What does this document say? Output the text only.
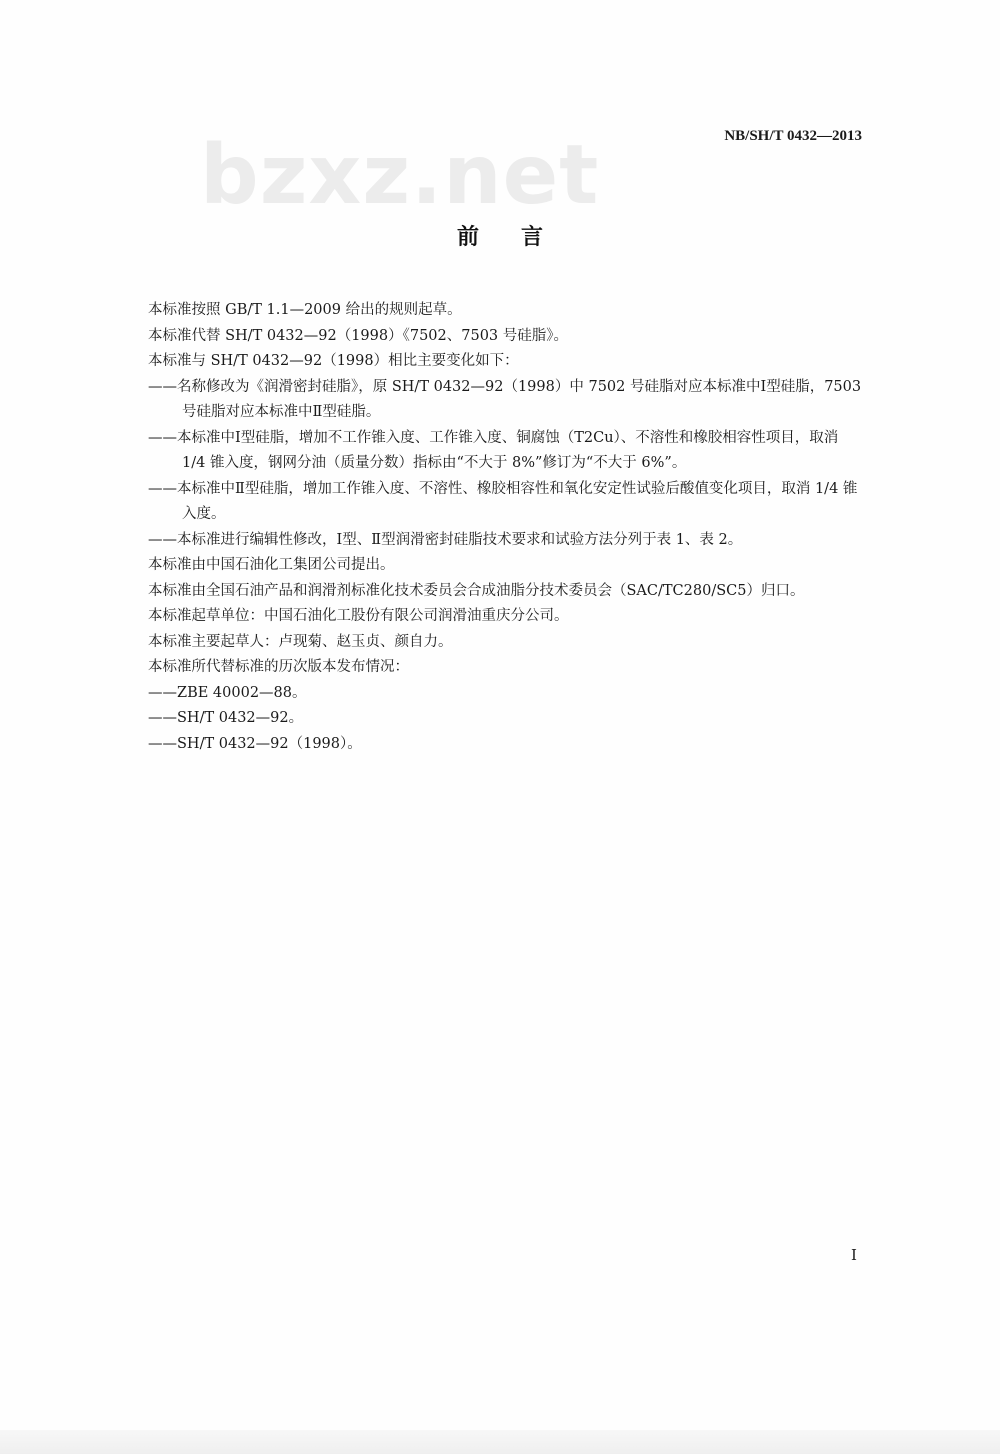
bzxz.net	NB/SH/T 0432—2013
前言

本标准按照 GB/T 1.1—2009 给出的规则起草。

本标准代替 SH/T 0432—92（1998）《7502、7503 号硅脂》。

本标准与 SH/T 0432—92（1998）相比主要变化如下：

——名称修改为《润滑密封硅脂》，原 SH/T 0432—92（1998）中 7502 号硅脂对应本标准中Ⅰ型硅脂，7503 号硅脂对应本标准中Ⅱ型硅脂。

——本标准中Ⅰ型硅脂，增加不工作锥入度、工作锥入度、铜腐蚀（T2Cu）、不溶性和橡胶相容性项目，取消 1/4 锥入度，钢网分油（质量分数）指标由“不大于 8%”修订为“不大于 6%”。

——本标准中Ⅱ型硅脂，增加工作锥入度、不溶性、橡胶相容性和氧化安定性试验后酸值变化项目，取消 1/4 锥入度。

——本标准进行编辑性修改，Ⅰ型、Ⅱ型润滑密封硅脂技术要求和试验方法分列于表 1、表 2。

本标准由中国石油化工集团公司提出。

本标准由全国石油产品和润滑剂标准化技术委员会合成油脂分技术委员会（SAC/TC280/SC5）归口。

本标准起草单位：中国石油化工股份有限公司润滑油重庆分公司。

本标准主要起草人：卢现菊、赵玉贞、颜自力。

本标准所代替标准的历次版本发布情况：

——ZBE 40002—88。

——SH/T 0432—92。

——SH/T 0432—92（1998）。

I
